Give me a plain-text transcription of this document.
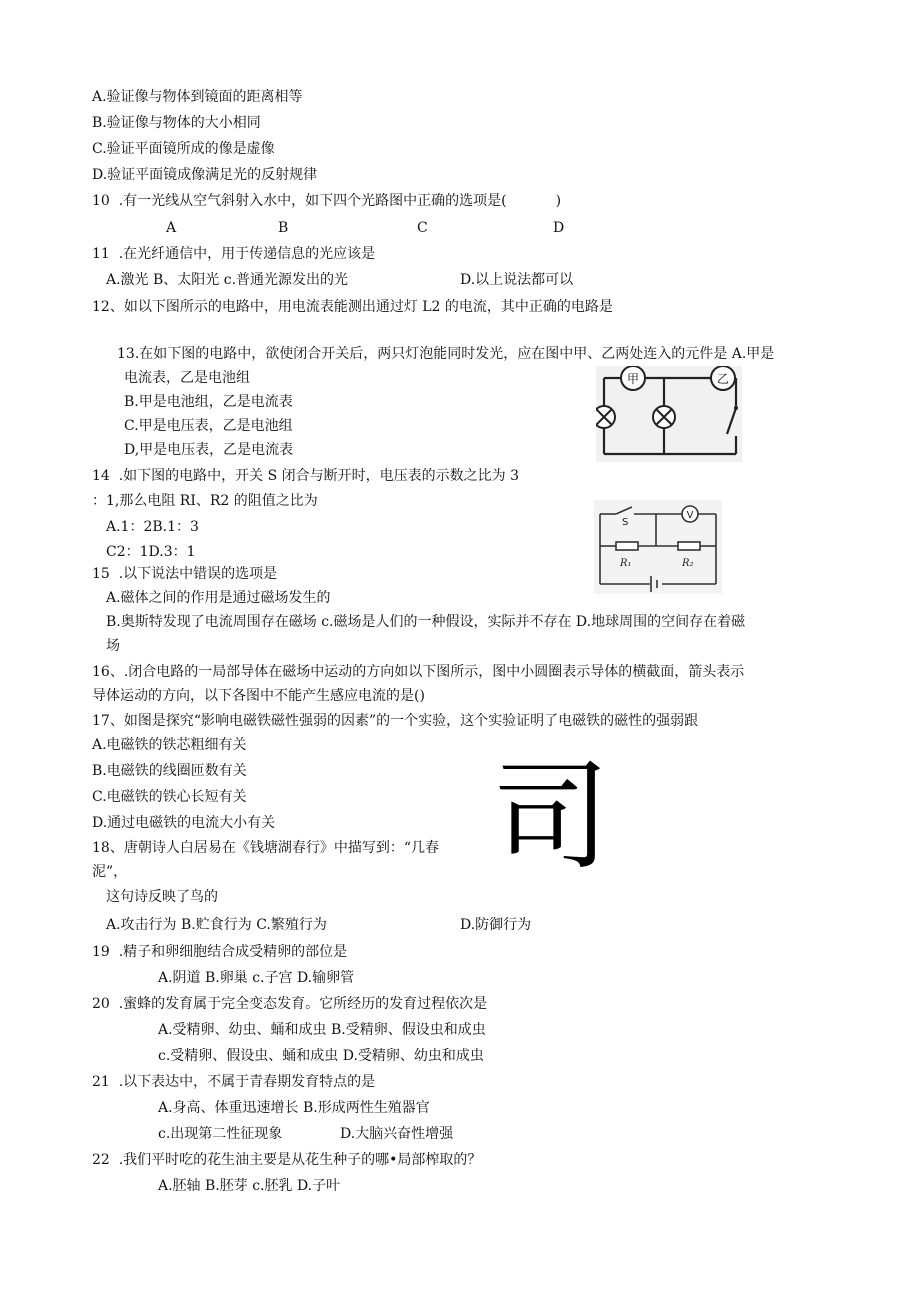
A.验证像与物体到镜面的距离相等
B.验证像与物体的大小相同
C.验证平面镜所成的像是虚像
D.验证平面镜成像满足光的反射规律
10  .有一光线从空气斜射入水中，如下四个光路图中正确的选项是(           )
A	B	C	D
11  .在光纤通信中，用于传递信息的光应该是
A.激光 B、太阳光 c.普通光源发出的光	D.以上说法都可以
12、如以下图所示的电路中，用电流表能测出通过灯 L2 的电流，其中正确的电路是
13.在如下图的电路中，欲使闭合开关后，两只灯泡能同时发光，应在图中甲、乙两处连入的元件是 A.甲是
电流表，乙是电池组
B.甲是电池组，乙是电流表
C.甲是电压表，乙是电池组
D,甲是电压表，乙是电流表
甲	乙
14  .如下图的电路中，开关 S 闭合与断开时，电压表的示数之比为 3
：1,那么电阻 RI、R2 的阻值之比为
A.1：2B.1：3
C2：1D.3：1
S
V
R₁	R₂
15  .以下说法中错误的选项是
A.磁体之间的作用是通过磁场发生的
B.奥斯特发现了电流周围存在磁场 c.磁场是人们的一种假设，实际并不存在 D.地球周围的空间存在着磁
场
16、.闭合电路的一局部导体在磁场中运动的方向如以下图所示，图中小圆圈表示导体的横截面，箭头表示
导体运动的方向，以下各图中不能产生感应电流的是()
17、如图是探究“影响电磁铁磁性强弱的因素”的一个实验，这个实验证明了电磁铁的磁性的强弱跟
A.电磁铁的铁芯粗细有关
B.电磁铁的线圈匝数有关
C.电磁铁的铁心长短有关
D.通过电磁铁的电流大小有关 司
18、唐朝诗人白居易在《钱塘湖春行》中描写到：“几春
泥”，
这句诗反映了鸟的
A.攻击行为 B.贮食行为 C.繁殖行为	D.防御行为
19  .精子和卵细胞结合成受精卵的部位是
A.阴道 B.卵巢 c.子宫 D.输卵管
20  .蜜蜂的发育属于完全变态发育。它所经历的发育过程依次是
A.受精卵、幼虫、蛹和成虫 B.受精卵、假设虫和成虫
c.受精卵、假设虫、蛹和成虫 D.受精卵、幼虫和成虫
21  .以下表达中，不属于青春期发育特点的是
A.身高、体重迅速增长 B.形成两性生殖器官
c.出现第二性征现象	D.大脑兴奋性增强
22  .我们平时吃的花生油主要是从花生种子的哪•局部榨取的？
A.胚轴 B.胚芽 c.胚乳 D.子叶
